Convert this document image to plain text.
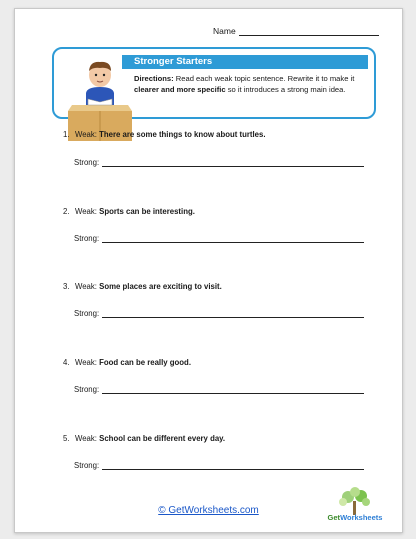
Name
Stronger Starters
Directions: Read each weak topic sentence. Rewrite it to make it clearer and more specific so it introduces a strong main idea.
1. Weak: There are some things to know about turtles.
Strong:
2. Weak: Sports can be interesting.
Strong:
3. Weak: Some places are exciting to visit.
Strong:
4. Weak: Food can be really good.
Strong:
5. Weak: School can be different every day.
Strong:
© GetWorksheets.com
GetWorksheets
